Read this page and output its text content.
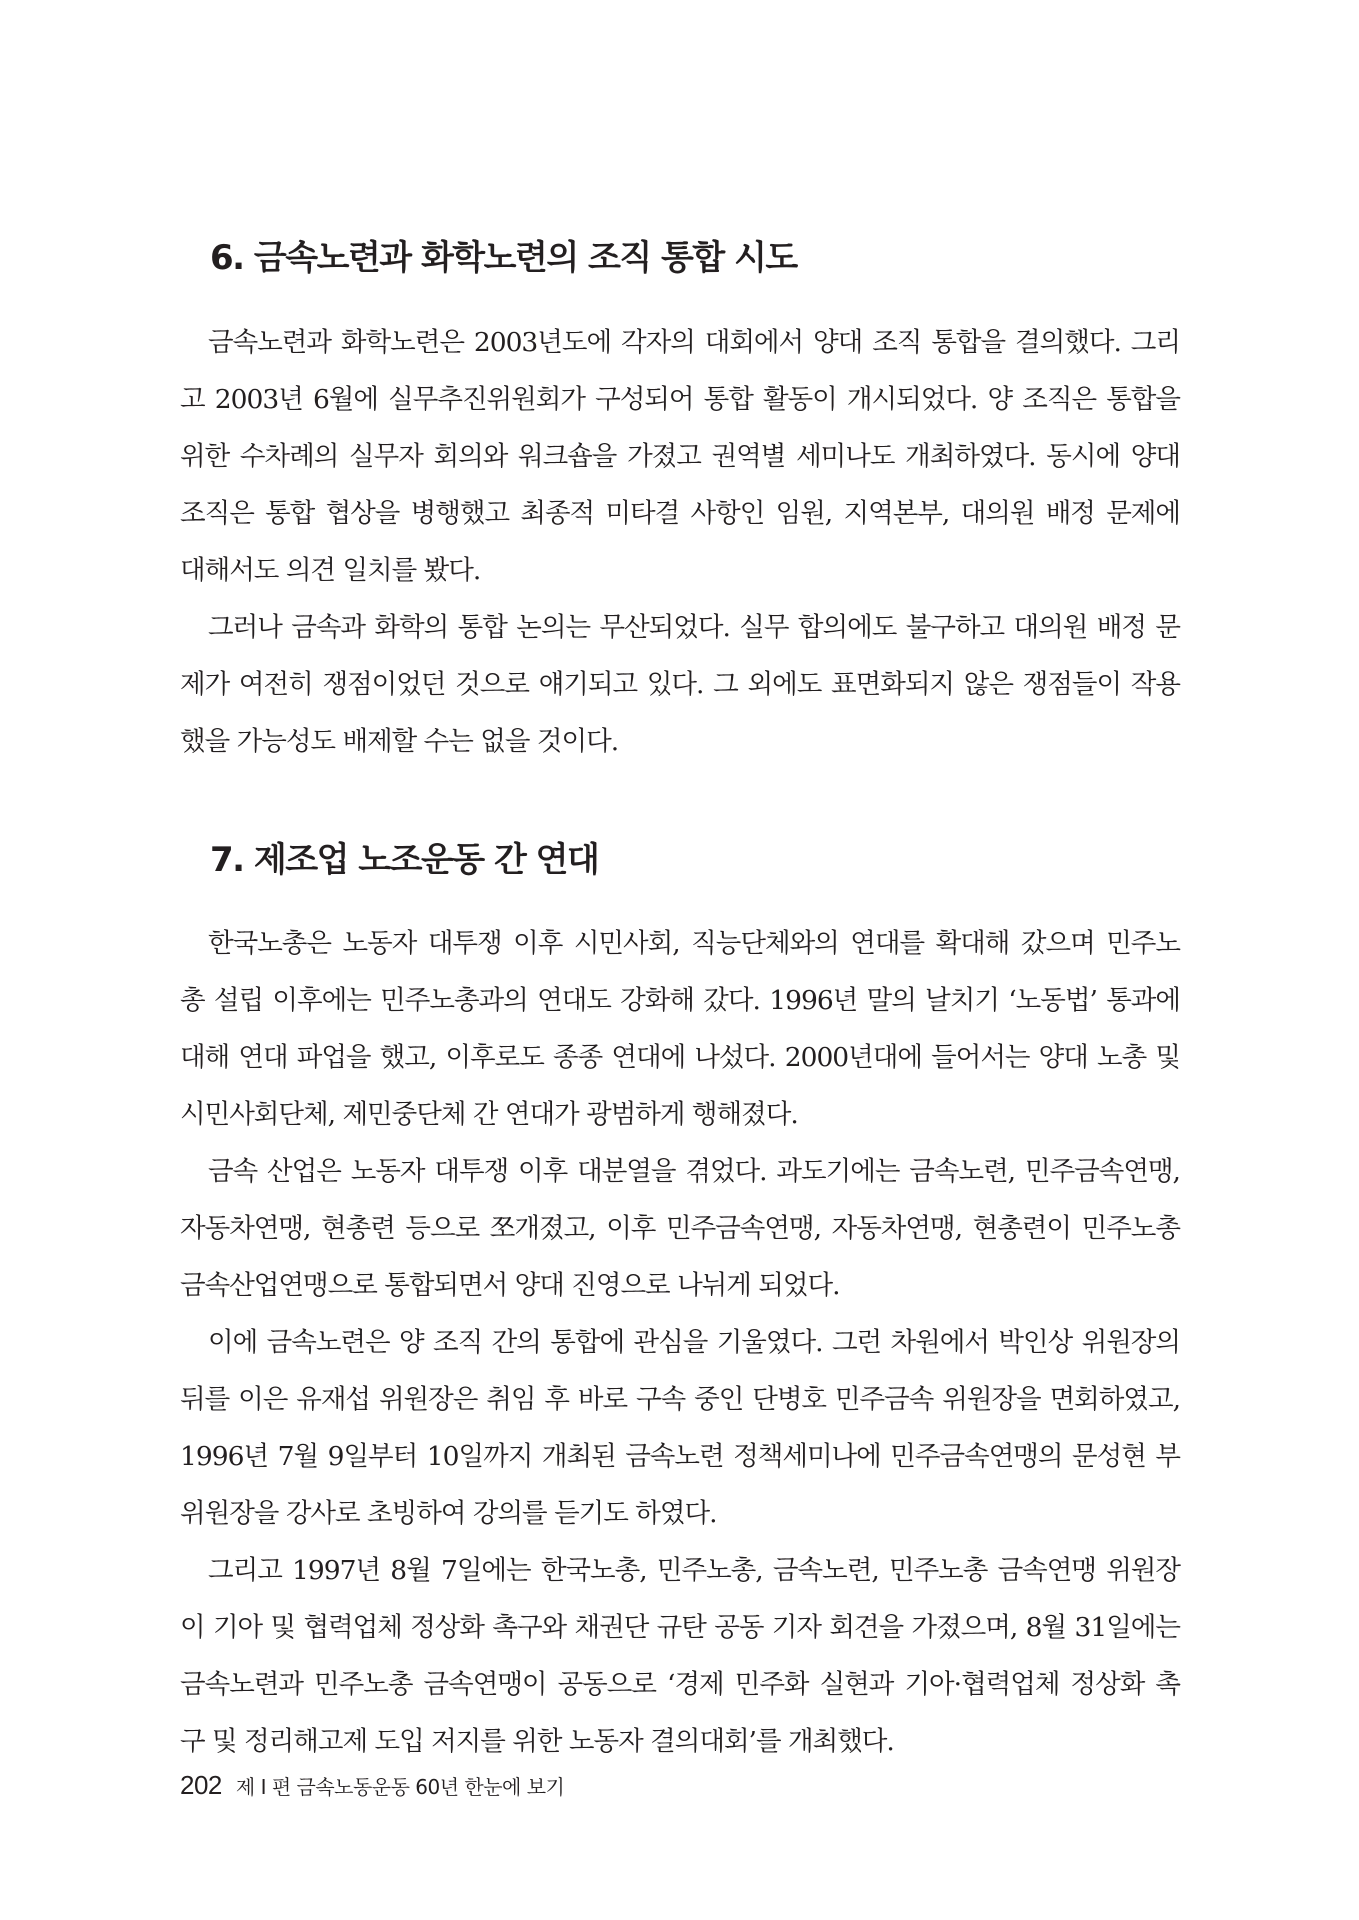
6. 금속노련과 화학노련의 조직 통합 시도
금속노련과 화학노련은 2003년도에 각자의 대회에서 양대 조직 통합을 결의했다. 그리
고 2003년 6월에 실무추진위원회가 구성되어 통합 활동이 개시되었다. 양 조직은 통합을
위한 수차례의 실무자 회의와 워크숍을 가졌고 권역별 세미나도 개최하였다. 동시에 양대
조직은 통합 협상을 병행했고 최종적 미타결 사항인 임원, 지역본부, 대의원 배정 문제에
대해서도 의견 일치를 봤다.
그러나 금속과 화학의 통합 논의는 무산되었다. 실무 합의에도 불구하고 대의원 배정 문
제가 여전히 쟁점이었던 것으로 얘기되고 있다. 그 외에도 표면화되지 않은 쟁점들이 작용
했을 가능성도 배제할 수는 없을 것이다.
7. 제조업 노조운동 간 연대
한국노총은 노동자 대투쟁 이후 시민사회, 직능단체와의 연대를 확대해 갔으며 민주노
총 설립 이후에는 민주노총과의 연대도 강화해 갔다. 1996년 말의 날치기 ‘노동법’ 통과에
대해 연대 파업을 했고, 이후로도 종종 연대에 나섰다. 2000년대에 들어서는 양대 노총 및
시민사회단체, 제민중단체 간 연대가 광범하게 행해졌다.
금속 산업은 노동자 대투쟁 이후 대분열을 겪었다. 과도기에는 금속노련, 민주금속연맹,
자동차연맹, 현총련 등으로 쪼개졌고, 이후 민주금속연맹, 자동차연맹, 현총련이 민주노총
금속산업연맹으로 통합되면서 양대 진영으로 나뉘게 되었다.
이에 금속노련은 양 조직 간의 통합에 관심을 기울였다. 그런 차원에서 박인상 위원장의
뒤를 이은 유재섭 위원장은 취임 후 바로 구속 중인 단병호 민주금속 위원장을 면회하였고,
1996년 7월 9일부터 10일까지 개최된 금속노련 정책세미나에 민주금속연맹의 문성현 부
위원장을 강사로 초빙하여 강의를 듣기도 하였다.
그리고 1997년 8월 7일에는 한국노총, 민주노총, 금속노련, 민주노총 금속연맹 위원장
이 기아 및 협력업체 정상화 촉구와 채권단 규탄 공동 기자 회견을 가졌으며, 8월 31일에는
금속노련과 민주노총 금속연맹이 공동으로 ‘경제 민주화 실현과 기아·협력업체 정상화 촉
구 및 정리해고제 도입 저지를 위한 노동자 결의대회’를 개최했다.
202 제 I 편 금속노동운동 60년 한눈에 보기
